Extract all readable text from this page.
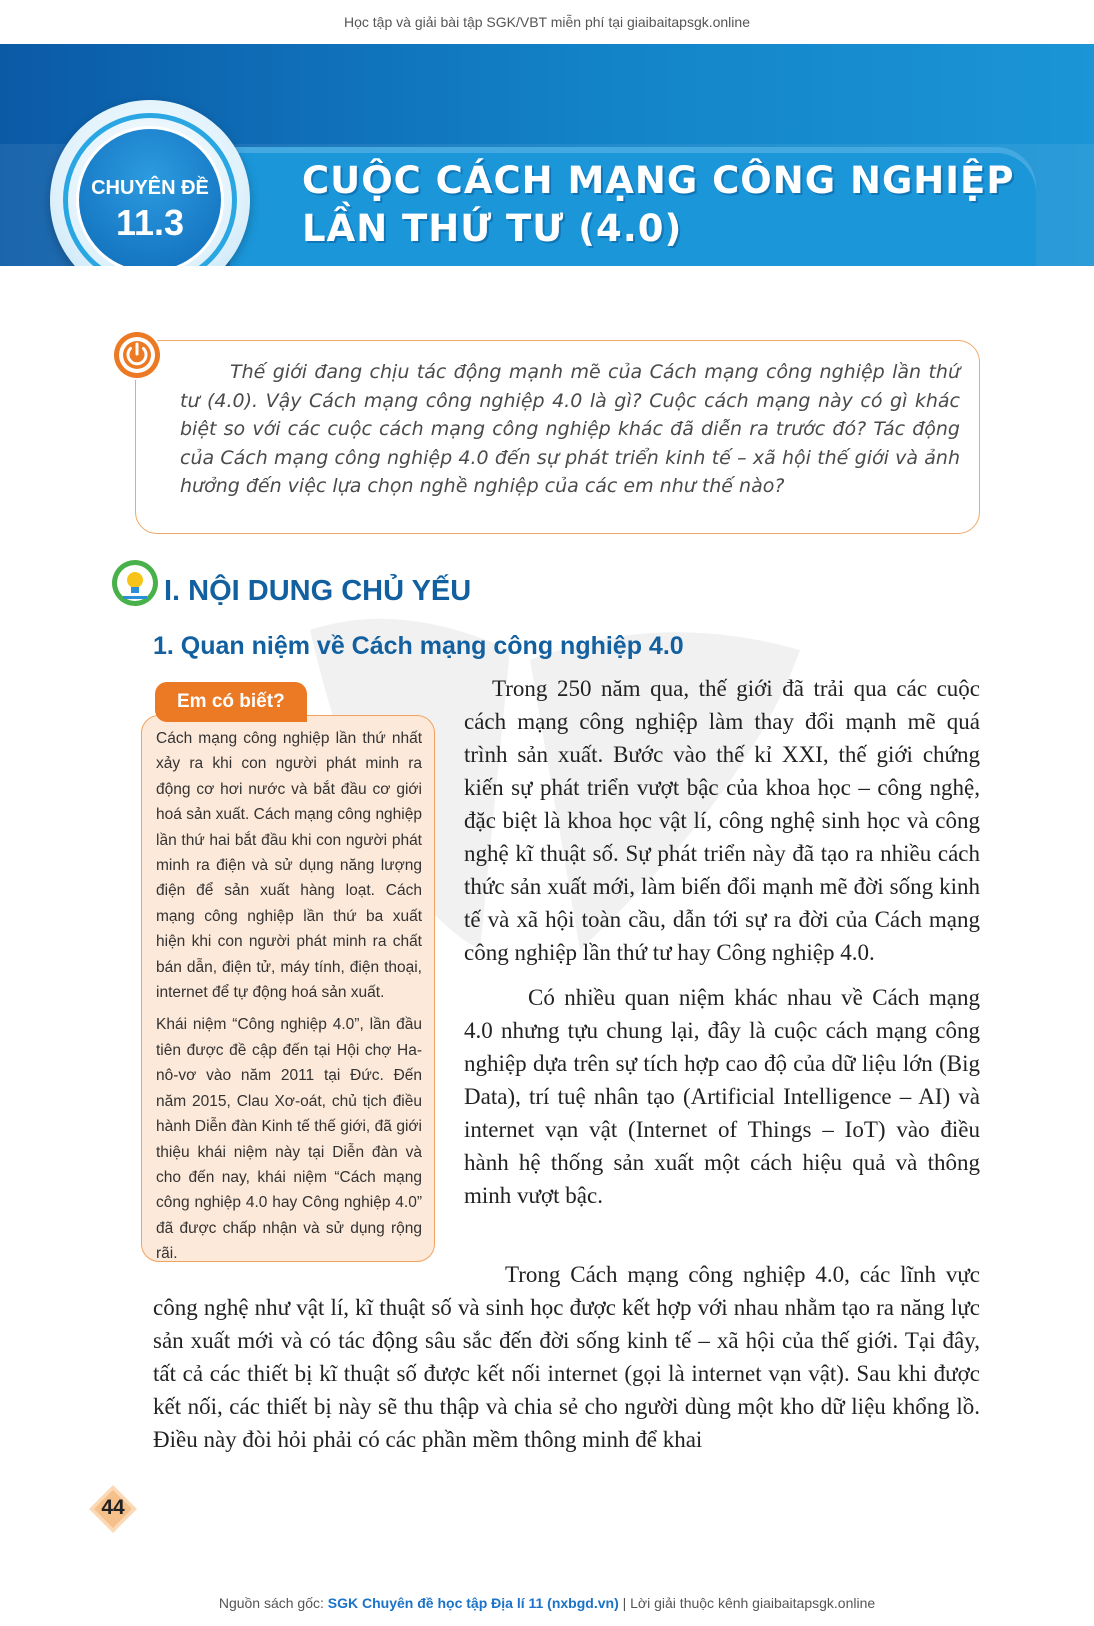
Học tập và giải bài tập SGK/VBT miễn phí tại giaibaitapsgk.online
CUỘC CÁCH MẠNG CÔNG NGHIỆP
LẦN THỨ TƯ (4.0)
CHUYÊN ĐỀ
11.3
Thế giới đang chịu tác động mạnh mẽ của Cách mạng công nghiệp lần thứ tư (4.0). Vậy Cách mạng công nghiệp 4.0 là gì? Cuộc cách mạng này có gì khác biệt so với các cuộc cách mạng công nghiệp khác đã diễn ra trước đó? Tác động của Cách mạng công nghiệp 4.0 đến sự phát triển kinh tế – xã hội thế giới và ảnh hưởng đến việc lựa chọn nghề nghiệp của các em như thế nào?
I. NỘI DUNG CHỦ YẾU
1. Quan niệm về Cách mạng công nghiệp 4.0
Em có biết?

Cách mạng công nghiệp lần thứ nhất xảy ra khi con người phát minh ra động cơ hơi nước và bắt đầu cơ giới hoá sản xuất. Cách mạng công nghiệp lần thứ hai bắt đầu khi con người phát minh ra điện và sử dụng năng lượng điện để sản xuất hàng loạt. Cách mạng công nghiệp lần thứ ba xuất hiện khi con người phát minh ra chất bán dẫn, điện tử, máy tính, điện thoại, internet để tự động hoá sản xuất.

Khái niệm “Công nghiệp 4.0”, lần đầu tiên được đề cập đến tại Hội chợ Ha-nô-vơ vào năm 2011 tại Đức. Đến năm 2015, Clau Xơ-oát, chủ tịch điều hành Diễn đàn Kinh tế thế giới, đã giới thiệu khái niệm này tại Diễn đàn và cho đến nay, khái niệm “Cách mạng công nghiệp 4.0 hay Công nghiệp 4.0” đã được chấp nhận và sử dụng rộng rãi.

Trong 250 năm qua, thế giới đã trải qua các cuộc cách mạng công nghiệp làm thay đổi mạnh mẽ quá trình sản xuất. Bước vào thế kỉ XXI, thế giới chứng kiến sự phát triển vượt bậc của khoa học – công nghệ, đặc biệt là khoa học vật lí, công nghệ sinh học và công nghệ kĩ thuật số. Sự phát triển này đã tạo ra nhiều cách thức sản xuất mới, làm biến đổi mạnh mẽ đời sống kinh tế và xã hội toàn cầu, dẫn tới sự ra đời của Cách mạng công nghiệp lần thứ tư hay Công nghiệp 4.0.

Có nhiều quan niệm khác nhau về Cách mạng 4.0 nhưng tựu chung lại, đây là cuộc cách mạng công nghiệp dựa trên sự tích hợp cao độ của dữ liệu lớn (Big Data), trí tuệ nhân tạo (Artificial Intelligence – AI) và internet vạn vật (Internet of Things – IoT) vào điều hành hệ thống sản xuất một cách hiệu quả và thông minh vượt bậc.

Trong Cách mạng công nghiệp 4.0, các lĩnh vực công nghệ như vật lí, kĩ thuật số và sinh học được kết hợp với nhau nhằm tạo ra năng lực sản xuất mới và có tác động sâu sắc đến đời sống kinh tế – xã hội của thế giới. Tại đây, tất cả các thiết bị kĩ thuật số được kết nối internet (gọi là internet vạn vật). Sau khi được kết nối, các thiết bị này sẽ thu thập và chia sẻ cho người dùng một kho dữ liệu khổng lồ. Điều này đòi hỏi phải có các phần mềm thông minh để khai

44
Nguồn sách gốc: SGK Chuyên đề học tập Địa lí 11 (nxbgd.vn) | Lời giải thuộc kênh giaibaitapsgk.online
